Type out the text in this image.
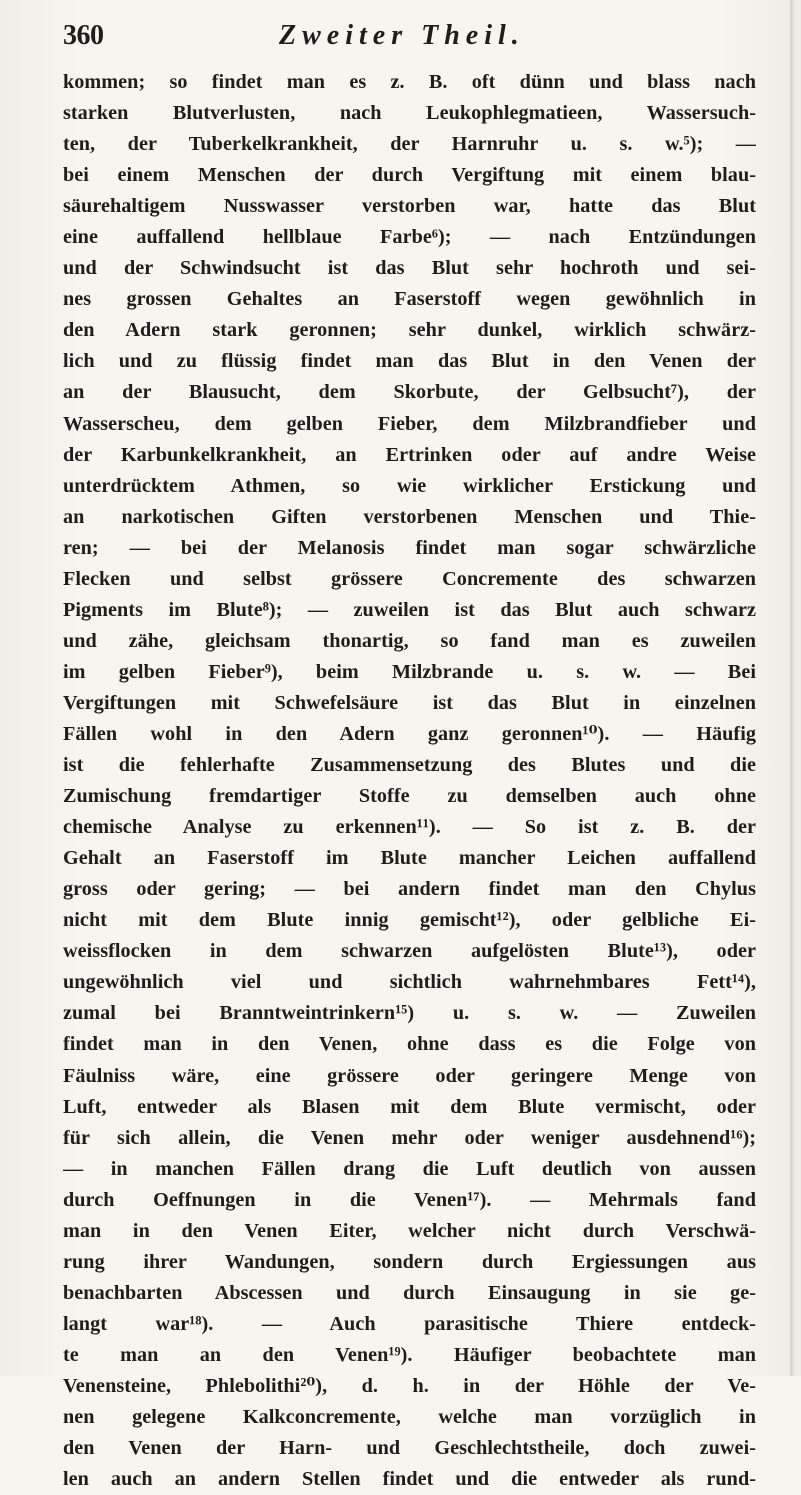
360	Zweiter Theil.
kommen; so findet man es z. B. oft dünn und blass nach
starken Blutverlusten, nach Leukophlegmatieen, Wassersuch-
ten, der Tuberkelkrankheit, der Harnruhr u. s. w.⁵); —
bei einem Menschen der durch Vergiftung mit einem blau-
säurehaltigem Nusswasser verstorben war, hatte das Blut
eine auffallend hellblaue Farbe⁶); — nach Entzündungen
und der Schwindsucht ist das Blut sehr hochroth und sei-
nes grossen Gehaltes an Faserstoff wegen gewöhnlich in
den Adern stark geronnen; sehr dunkel, wirklich schwärz-
lich und zu flüssig findet man das Blut in den Venen der
an der Blausucht, dem Skorbute, der Gelbsucht⁷), der
Wasserscheu, dem gelben Fieber, dem Milzbrandfieber und
der Karbunkelkrankheit, an Ertrinken oder auf andre Weise
unterdrücktem Athmen, so wie wirklicher Erstickung und
an narkotischen Giften verstorbenen Menschen und Thie-
ren; — bei der Melanosis findet man sogar schwärzliche
Flecken und selbst grössere Concremente des schwarzen
Pigments im Blute⁸); — zuweilen ist das Blut auch schwarz
und zähe, gleichsam thonartig, so fand man es zuweilen
im gelben Fieber⁹), beim Milzbrande u. s. w. — Bei
Vergiftungen mit Schwefelsäure ist das Blut in einzelnen
Fällen wohl in den Adern ganz geronnen¹⁰). — Häufig
ist die fehlerhafte Zusammensetzung des Blutes und die
Zumischung fremdartiger Stoffe zu demselben auch ohne
chemische Analyse zu erkennen¹¹). — So ist z. B. der
Gehalt an Faserstoff im Blute mancher Leichen auffallend
gross oder gering; — bei andern findet man den Chylus
nicht mit dem Blute innig gemischt¹²), oder gelbliche Ei-
weissflocken in dem schwarzen aufgelösten Blute¹³), oder
ungewöhnlich viel und sichtlich wahrnehmbares Fett¹⁴),
zumal bei Branntweintrinkern¹⁵) u. s. w. — Zuweilen
findet man in den Venen, ohne dass es die Folge von
Fäulniss wäre, eine grössere oder geringere Menge von
Luft, entweder als Blasen mit dem Blute vermischt, oder
für sich allein, die Venen mehr oder weniger ausdehnend¹⁶);
— in manchen Fällen drang die Luft deutlich von aussen
durch Oeffnungen in die Venen¹⁷). — Mehrmals fand
man in den Venen Eiter, welcher nicht durch Verschwä-
rung ihrer Wandungen, sondern durch Ergiessungen aus
benachbarten Abscessen und durch Einsaugung in sie ge-
langt war¹⁸). — Auch parasitische Thiere entdeck-
te man an den Venen¹⁹). Häufiger beobachtete man
Venensteine, Phlebolithi²⁰), d. h. in der Höhle der Ve-
nen gelegene Kalkconcremente, welche man vorzüglich in
den Venen der Harn- und Geschlechtstheile, doch zuwei-
len auch an andern Stellen findet und die entweder als rund-
